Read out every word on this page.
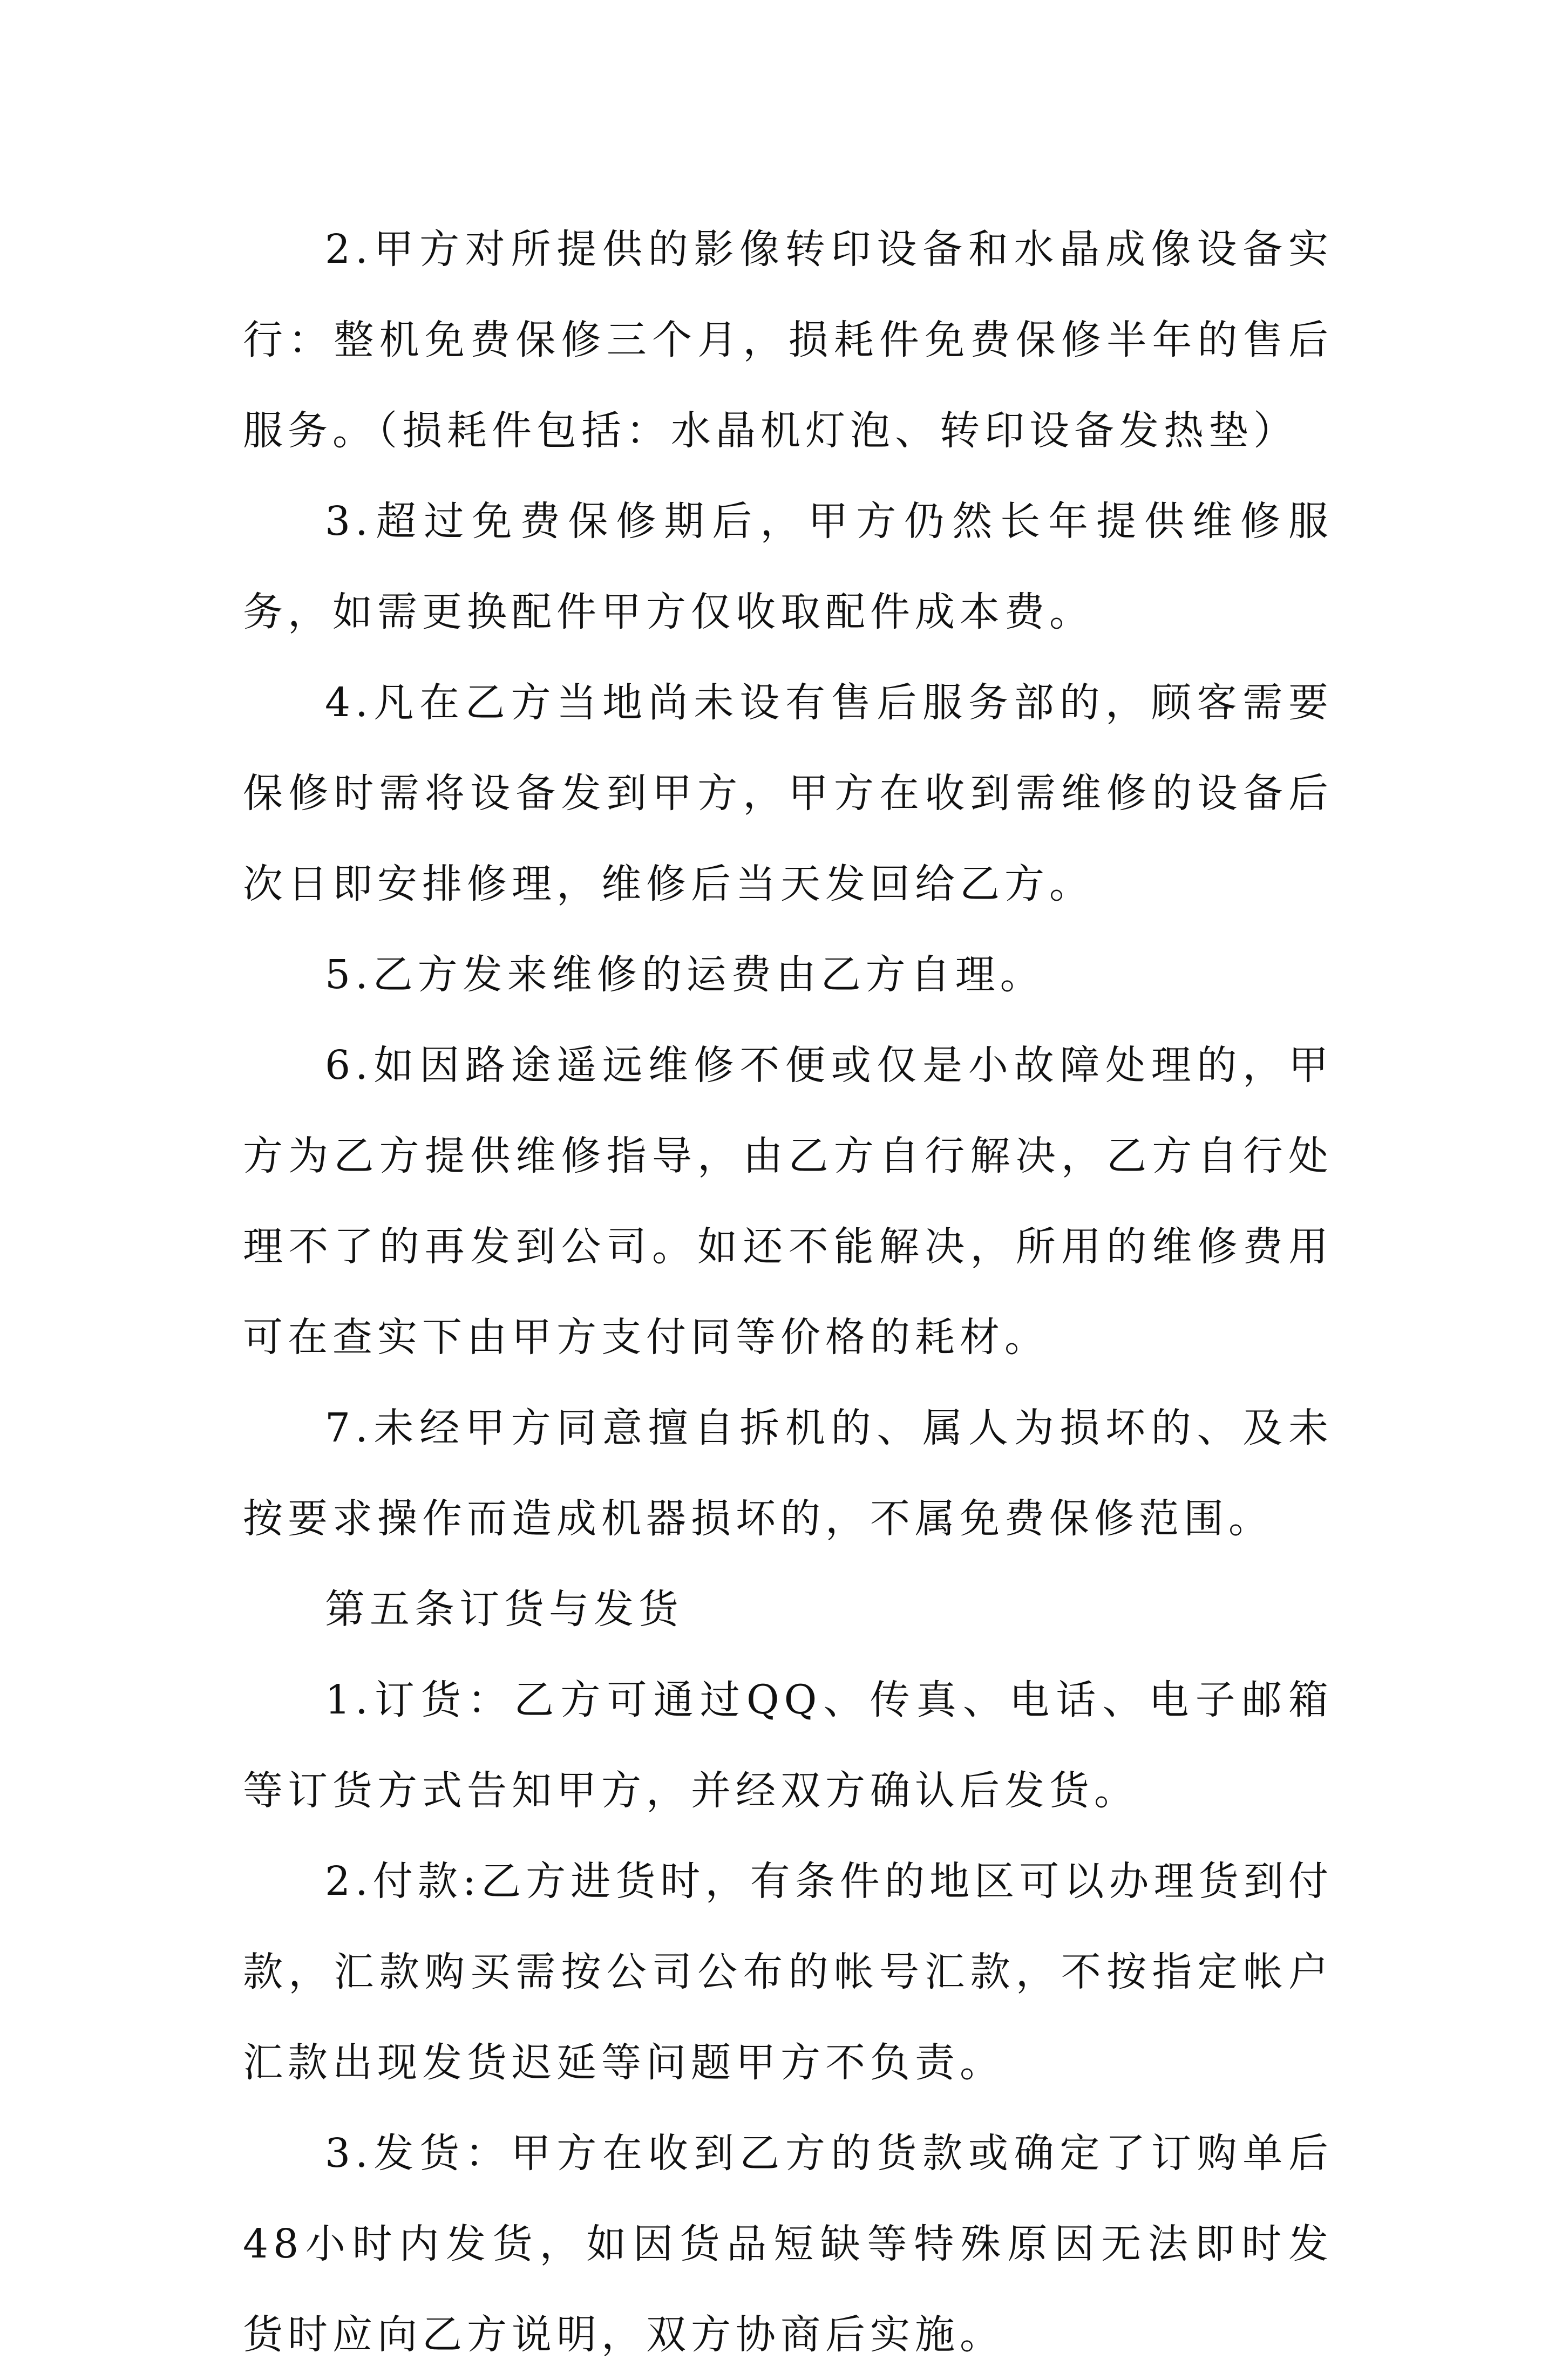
2.甲方对所提供的影像转印设备和水晶成像设备实行：整机免费保修三个月，损耗件免费保修半年的售后服务。（损耗件包括：水晶机灯泡、转印设备发热垫）

3.超过免费保修期后，甲方仍然长年提供维修服务，如需更换配件甲方仅收取配件成本费。

4.凡在乙方当地尚未设有售后服务部的，顾客需要保修时需将设备发到甲方，甲方在收到需维修的设备后次日即安排修理，维修后当天发回给乙方。

5.乙方发来维修的运费由乙方自理。

6.如因路途遥远维修不便或仅是小故障处理的，甲方为乙方提供维修指导，由乙方自行解决，乙方自行处理不了的再发到公司。如还不能解决，所用的维修费用可在查实下由甲方支付同等价格的耗材。

7.未经甲方同意擅自拆机的、属人为损坏的、及未按要求操作而造成机器损坏的，不属免费保修范围。

第五条订货与发货

1.订货：乙方可通过QQ、传真、电话、电子邮箱等订货方式告知甲方，并经双方确认后发货。

2.付款:乙方进货时，有条件的地区可以办理货到付款，汇款购买需按公司公布的帐号汇款，不按指定帐户汇款出现发货迟延等问题甲方不负责。

3.发货：甲方在收到乙方的货款或确定了订购单后48小时内发货，如因货品短缺等特殊原因无法即时发货时应向乙方说明，双方协商后实施。
